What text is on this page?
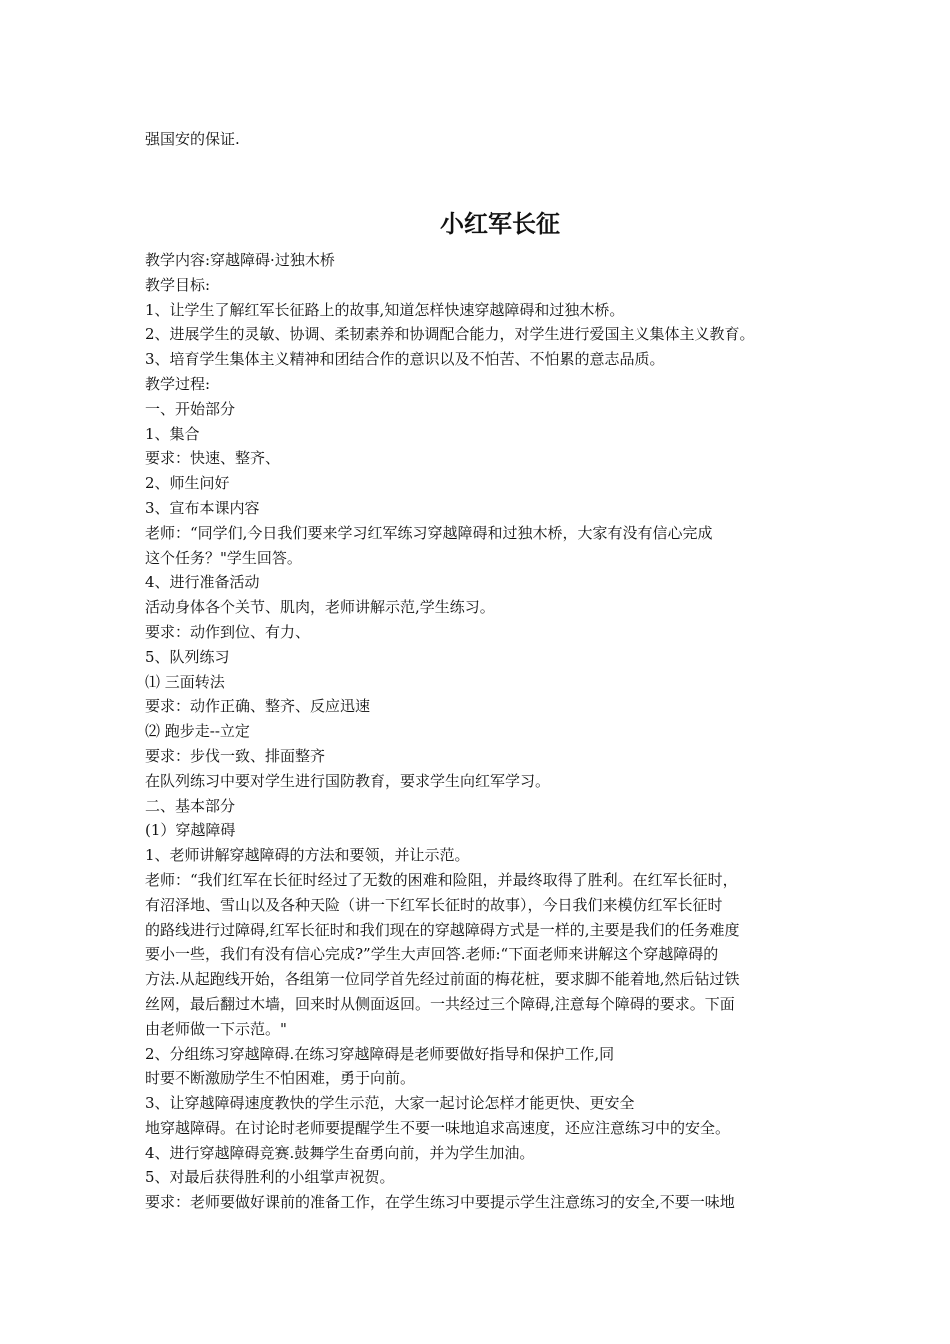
强国安的保证.
小红军长征
教学内容:穿越障碍·过独木桥
教学目标:
1、让学生了解红军长征路上的故事,知道怎样快速穿越障碍和过独木桥。
2、进展学生的灵敏、协调、柔韧素养和协调配合能力，对学生进行爱国主义集体主义教育。
3、培育学生集体主义精神和团结合作的意识以及不怕苦、不怕累的意志品质。
教学过程:
一、开始部分
1、集合
要求：快速、整齐、
2、师生问好
3、宣布本课内容
老师：“同学们,今日我们要来学习红军练习穿越障碍和过独木桥，大家有没有信心完成
这个任务？"学生回答。
4、进行准备活动
活动身体各个关节、肌肉，老师讲解示范,学生练习。
要求：动作到位、有力、
5、队列练习
⑴ 三面转法
要求：动作正确、整齐、反应迅速
⑵ 跑步走--立定
要求：步伐一致、排面整齐
在队列练习中要对学生进行国防教育，要求学生向红军学习。
二、基本部分
(1）穿越障碍
1、老师讲解穿越障碍的方法和要领，并让示范。
老师：“我们红军在长征时经过了无数的困难和险阻，并最终取得了胜利。在红军长征时，
有沼泽地、雪山以及各种天险（讲一下红军长征时的故事），今日我们来模仿红军长征时
的路线进行过障碍,红军长征时和我们现在的穿越障碍方式是一样的,主要是我们的任务难度
要小一些，我们有没有信心完成?”学生大声回答.老师:“下面老师来讲解这个穿越障碍的
方法.从起跑线开始，各组第一位同学首先经过前面的梅花桩，要求脚不能着地,然后钻过铁
丝网，最后翻过木墙，回来时从侧面返回。一共经过三个障碍,注意每个障碍的要求。下面
由老师做一下示范。"
2、分组练习穿越障碍.在练习穿越障碍是老师要做好指导和保护工作,同
时要不断激励学生不怕困难，勇于向前。
3、让穿越障碍速度教快的学生示范，大家一起讨论怎样才能更快、更安全
地穿越障碍。在讨论时老师要提醒学生不要一味地追求高速度，还应注意练习中的安全。
4、进行穿越障碍竞赛.鼓舞学生奋勇向前，并为学生加油。
5、对最后获得胜利的小组掌声祝贺。
要求：老师要做好课前的准备工作，在学生练习中要提示学生注意练习的安全,不要一味地
